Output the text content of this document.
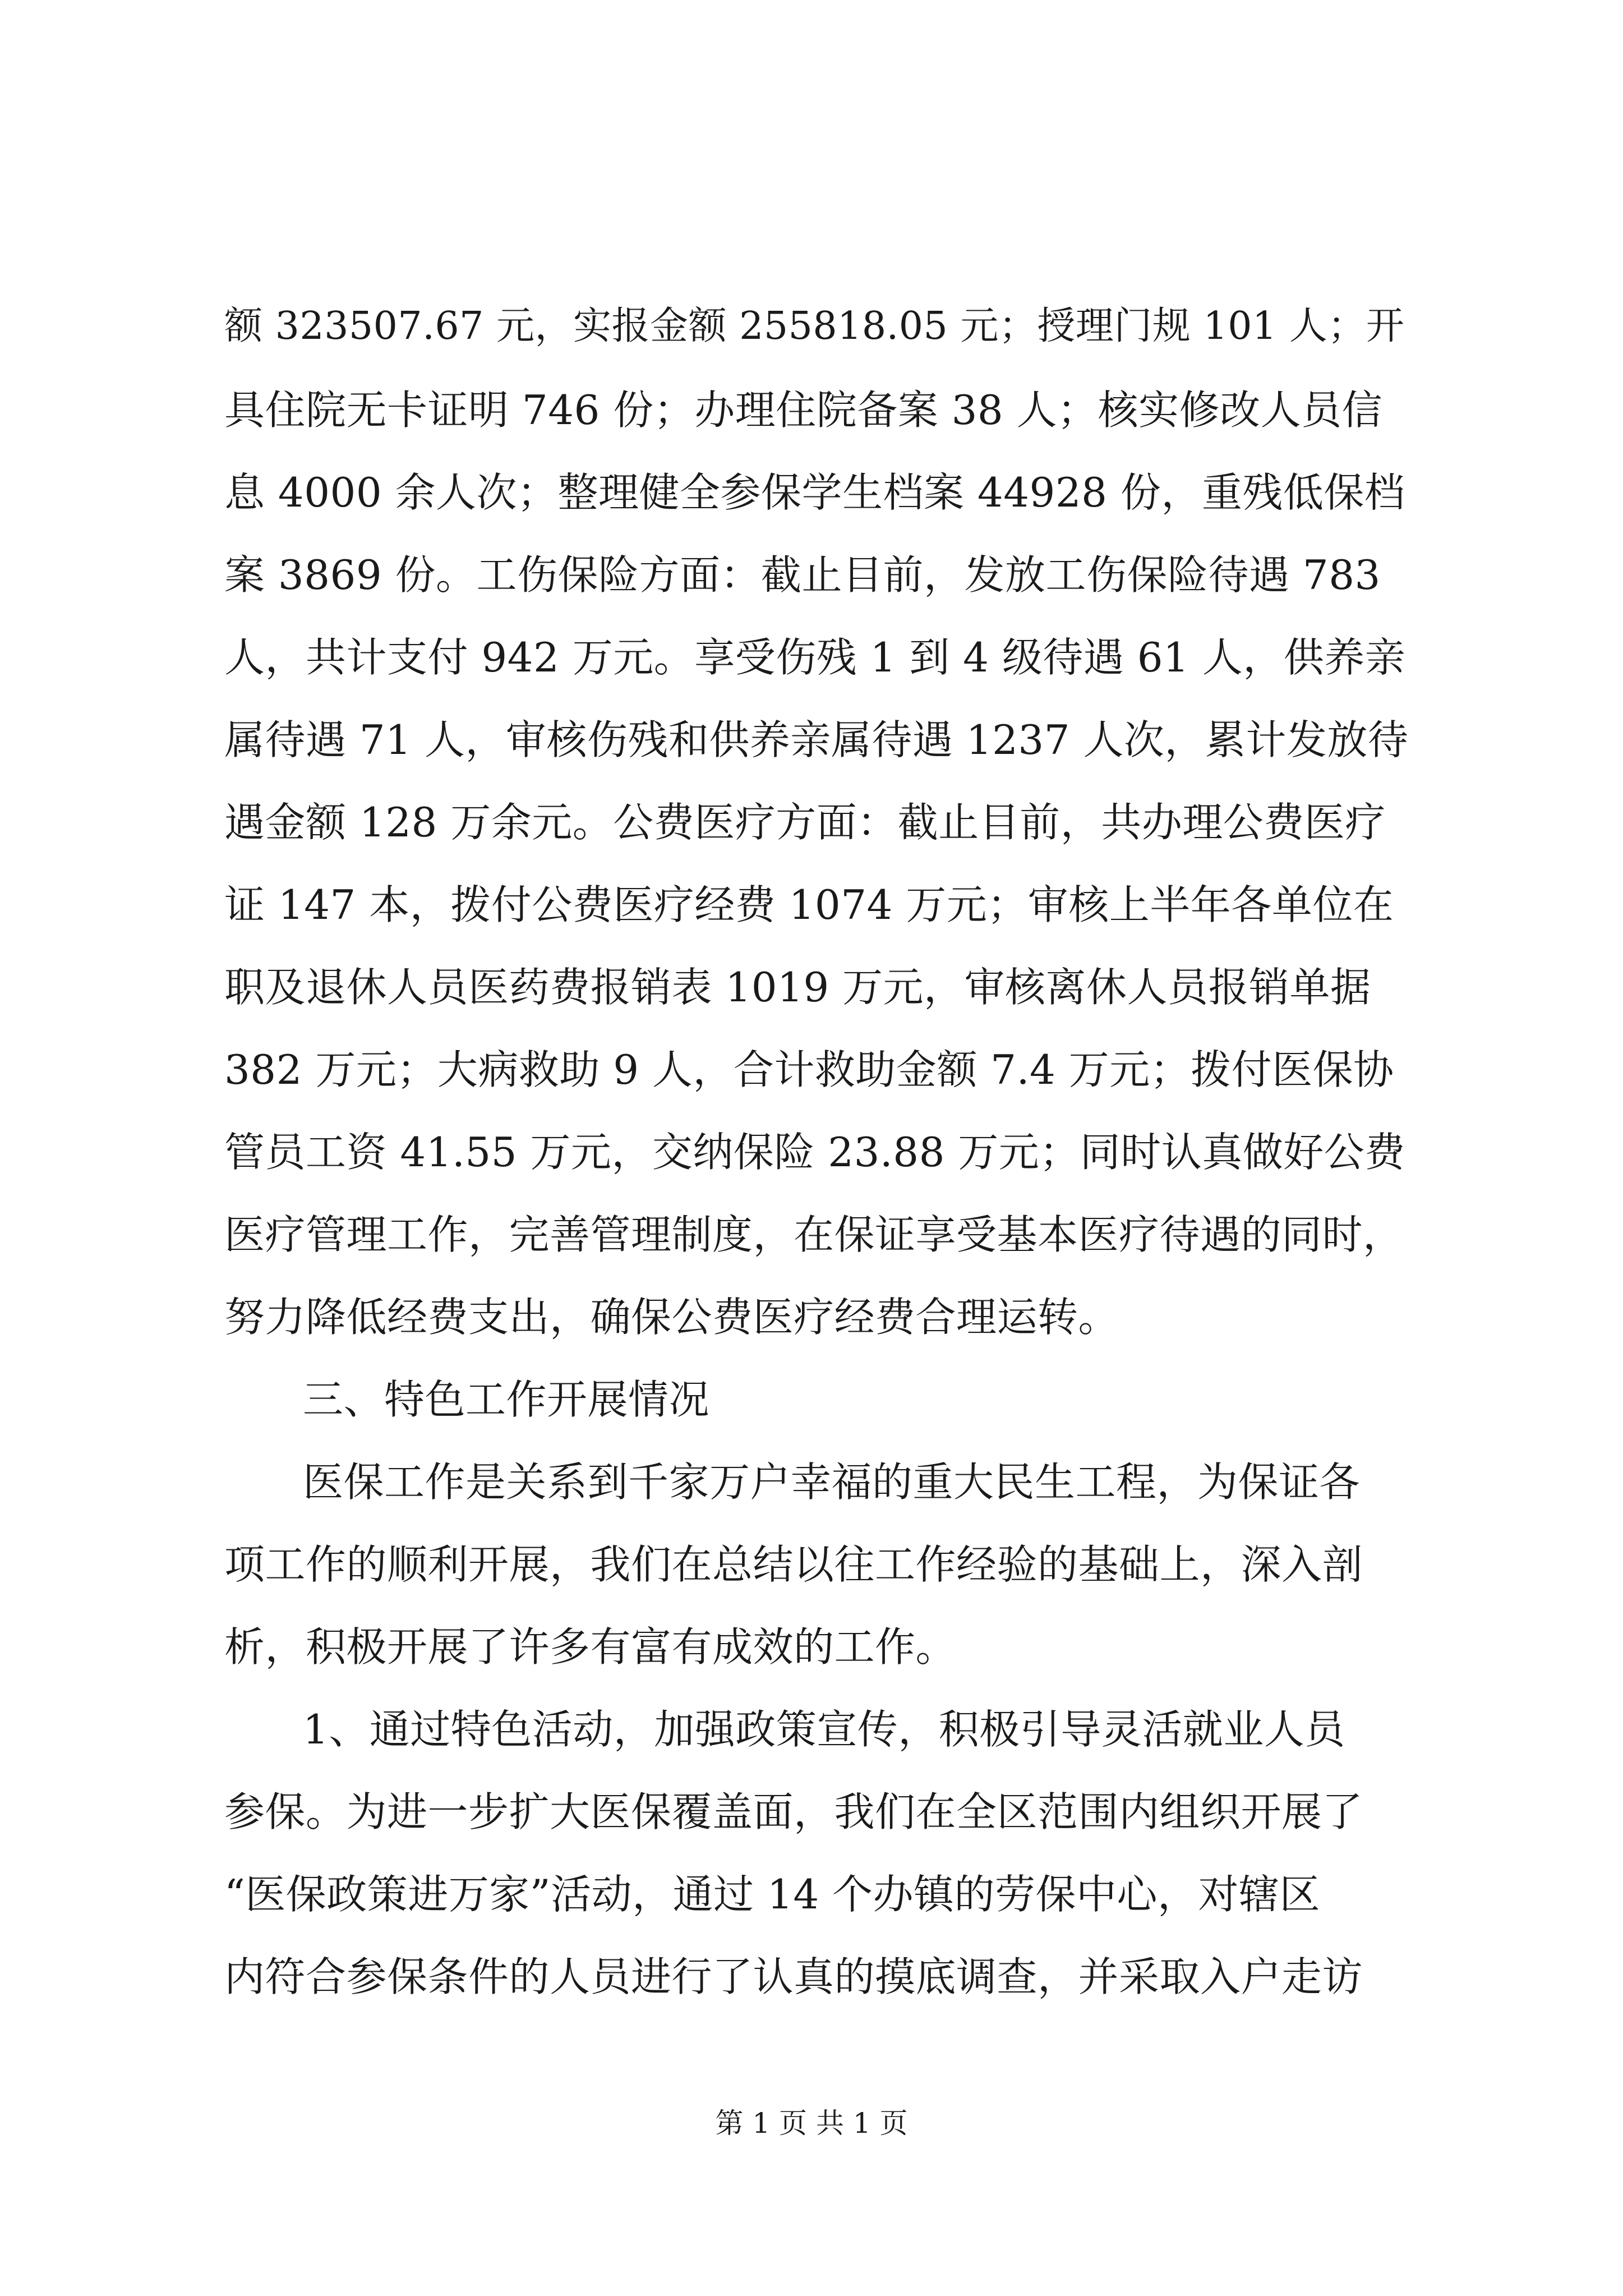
额 323507.67 元，实报金额 255818.05 元；授理门规 101 人；开
具住院无卡证明 746 份；办理住院备案 38 人；核实修改人员信
息 4000 余人次；整理健全参保学生档案 44928 份，重残低保档
案 3869 份。工伤保险方面：截止目前，发放工伤保险待遇 783
人，共计支付 942 万元。享受伤残 1 到 4 级待遇 61 人，供养亲
属待遇 71 人，审核伤残和供养亲属待遇 1237 人次，累计发放待
遇金额 128 万余元。公费医疗方面：截止目前，共办理公费医疗
证 147 本，拨付公费医疗经费 1074 万元；审核上半年各单位在
职及退休人员医药费报销表 1019 万元，审核离休人员报销单据
382 万元；大病救助 9 人，合计救助金额 7.4 万元；拨付医保协
管员工资 41.55 万元，交纳保险 23.88 万元；同时认真做好公费
医疗管理工作，完善管理制度，在保证享受基本医疗待遇的同时，
努力降低经费支出，确保公费医疗经费合理运转。
三、特色工作开展情况
医保工作是关系到千家万户幸福的重大民生工程，为保证各
项工作的顺利开展，我们在总结以往工作经验的基础上，深入剖
析，积极开展了许多有富有成效的工作。
1、通过特色活动，加强政策宣传，积极引导灵活就业人员
参保。为进一步扩大医保覆盖面，我们在全区范围内组织开展了
“医保政策进万家”活动，通过 14 个办镇的劳保中心，对辖区
内符合参保条件的人员进行了认真的摸底调查，并采取入户走访
第 1 页 共 1 页
